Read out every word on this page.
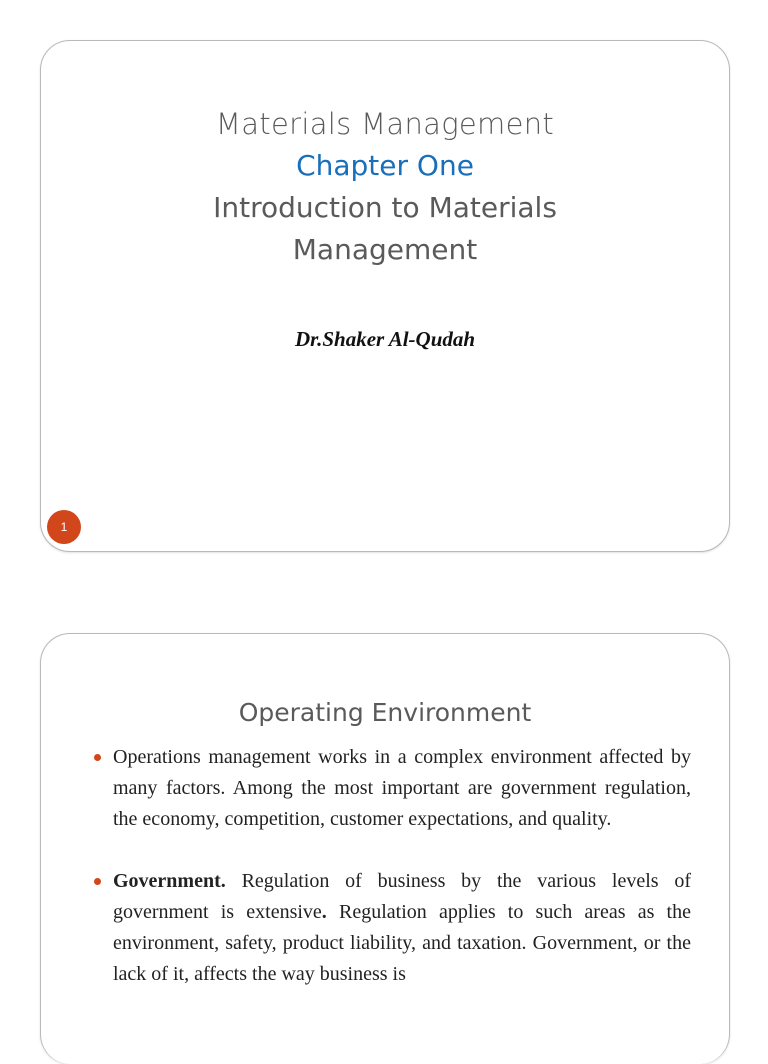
Materials Management
Chapter One
Introduction to Materials
Management
Dr.Shaker Al-Qudah
1
Operating Environment
Operations management works in a complex environment affected by many factors. Among the most important are government regulation, the economy, competition, customer expectations, and quality.
Government. Regulation of business by the various levels of government is extensive. Regulation applies to such areas as the environment, safety, product liability, and taxation. Government, or the lack of it, affects the way business is
